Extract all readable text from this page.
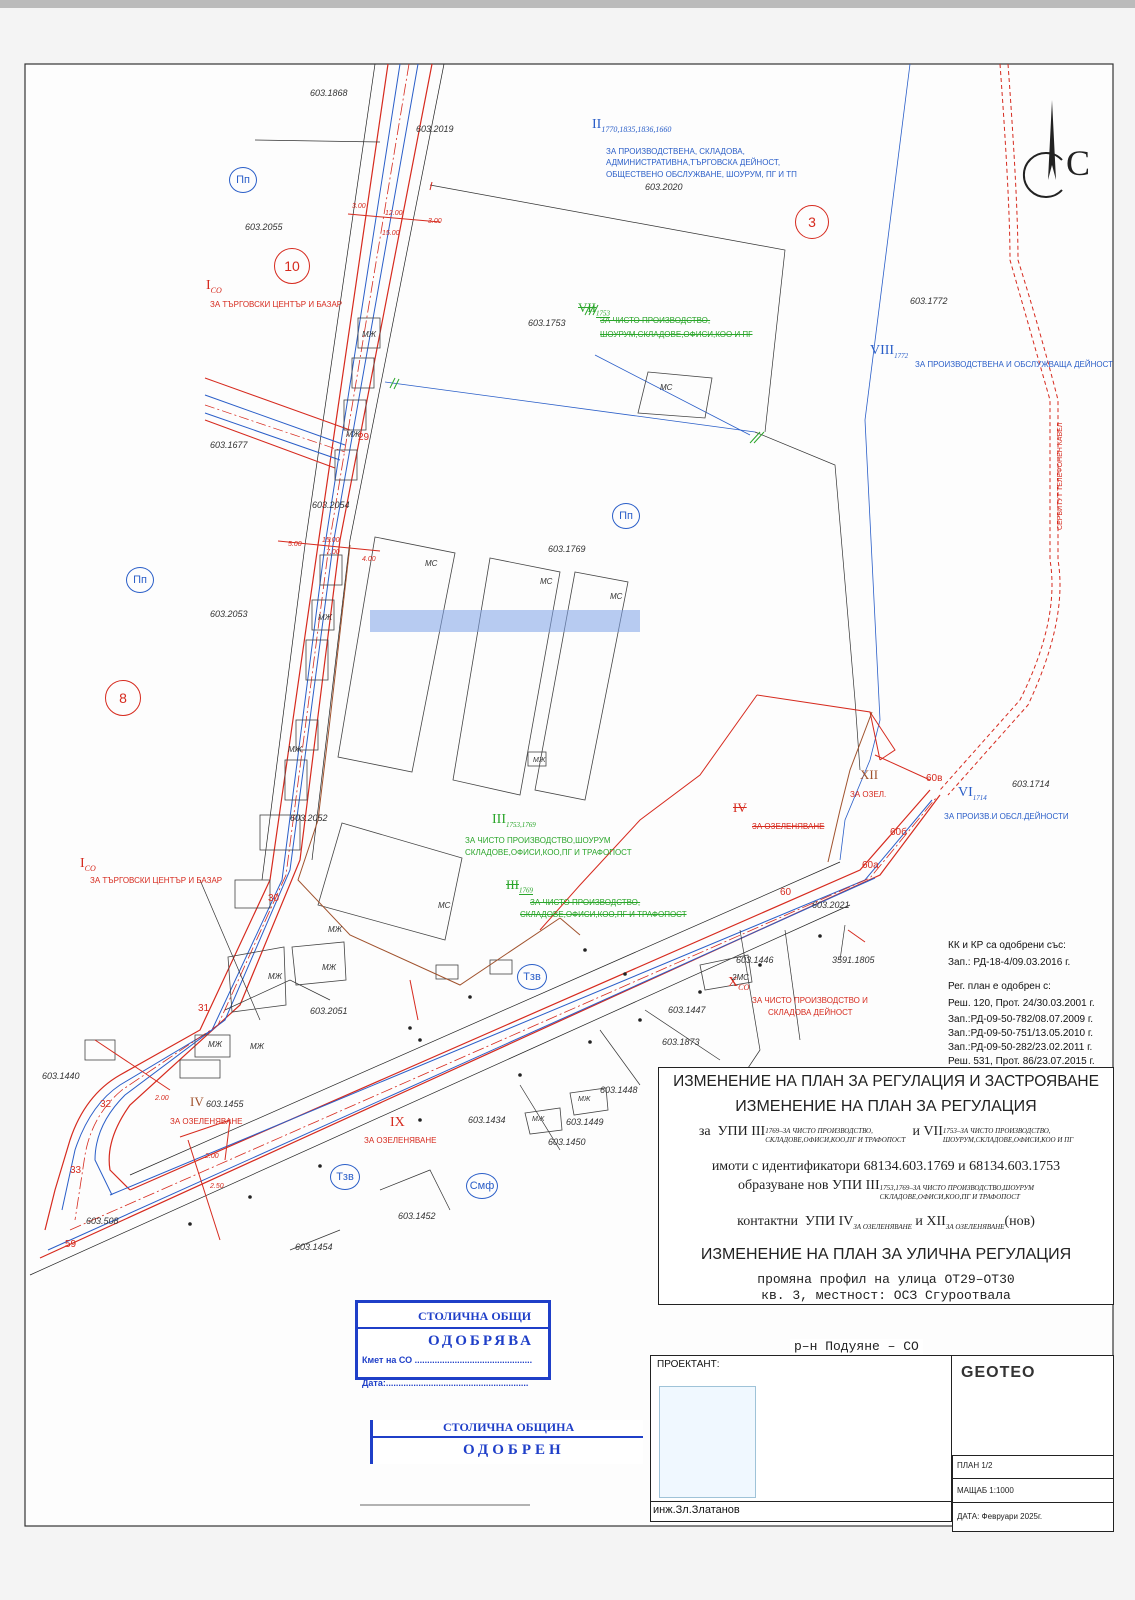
СЕРВИТУТ ТЕЛЕФОНЕН КАБЕЛ
603.1868
603.2019
603.2055
603.1753
603.1772
603.1677
603.2054
603.1769
603.2053
603.1714
603.2052
603.2021
603.1446	3591.1805
603.2051	603.1447
603.1873
603.1440
603.1455
603.1448
603.1434	603.1449
603.1450
603.508	603.1452
603.1454
10
3
8
Пп
Пп
Пп
Тзв
Тзв
Смф
$II_{1770,1835,1836,1660}$
ЗА ПРОИЗВОДСТВЕНА, СКЛАДОВА,
АДМИНИСТРАТИВНА,ТЪРГОВСКА ДЕЙНОСТ,
ОБЩЕСТВЕНО ОБСЛУЖВАНЕ, ШОУРУМ, ПГ И ТП
603.2020
$I_{СО}$
ЗА ТЪРГОВСКИ ЦЕНТЪР И БАЗАР	$VII_{1753}$
ЗА ЧИСТО ПРОИЗВОДСТВО,
ШОУРУМ,СКЛАДОВЕ,ОФИСИ,КОО И ПГ
$VIII_{1772}$
ЗА ПРОИЗВОДСТВЕНА И ОБСЛУЖВАЩА ДЕЙНОСТ
$III_{1753,1769}$
ЗА ЧИСТО ПРОИЗВОДСТВО,ШОУРУМ
СКЛАДОВЕ,ОФИСИ,КОО,ПГ И ТРАФОПОСТ
$III_{1769}$
ЗА ЧИСТО ПРОИЗВОДСТВО,
СКЛАДОВЕ,ОФИСИ,КОО,ПГ И ТРАФОПОСТ
XII
ЗА ОЗЕЛ.
IV
ЗА ОЗЕЛЕНЯВАНЕ
$VI_{1714}$
ЗА ПРОИЗВ.И ОБСЛ.ДЕЙНОСТИ
$I_{СО}$
ЗА ТЪРГОВСКИ ЦЕНТЪР И БАЗАР
$X_{СО}$
ЗА ЧИСТО ПРОИЗВОДСТВО И
СКЛАДОВА ДЕЙНОСТ
IV
ЗА ОЗЕЛЕНЯВАНЕ	IX
ЗА ОЗЕЛЕНЯВАНЕ
МС
МС
МС
МС
МС
2МС
МЖ
МЖ
МЖ
МЖ	МЖ
МЖ
МЖ
МЖ
МЖ
МЖ
МЖ
МЖ
3.00
12.00
3.00
15.00
5.00
15.00
7.00
4.00
2.00
2.50
2.00
29
30
31
32
33
59
60
60а
60б
60в
С
КК и КР са одобрени със:
Зап.: РД-18-4/09.03.2016 г.
Рег. план е одобрен с:
Реш. 120, Прот. 24/30.03.2001 г.
Зап.:РД-09-50-782/08.07.2009 г.
Зап.:РД-09-50-751/13.05.2010 г.
Зап.:РД-09-50-282/23.02.2011 г.
Реш. 531, Прот. 86/23.07.2015 г.
ИЗМЕНЕНИЕ НА ПЛАН ЗА РЕГУЛАЦИЯ И ЗАСТРОЯВАНЕ
ИЗМЕНЕНИЕ НА ПЛАН ЗА РЕГУЛАЦИЯ
за УПИ III1769–ЗА ЧИСТО ПРОИЗВОДСТВО,
СКЛАДОВЕ,ОФИСИ,КОО,ПГ И ТРАФОПОСТ  и VII1753–ЗА ЧИСТО ПРОИЗВОДСТВО,
ШОУРУМ,СКЛАДОВЕ,ОФИСИ,КОО И ПГ
имоти с идентификатори 68134.603.1769 и 68134.603.1753
образуване нов УПИ III1753,1769–ЗА ЧИСТО ПРОИЗВОДСТВО,ШОУРУМ
СКЛАДОВЕ,ОФИСИ,КОО,ПГ И ТРАФОПОСТ
контактни УПИ $IV_{ЗА ОЗЕЛЕНЯВАНЕ}$ и $XII_{ЗА ОЗЕЛЕНЯВАНЕ}(нов)$
ИЗМЕНЕНИЕ НА ПЛАН ЗА УЛИЧНА РЕГУЛАЦИЯ
промяна профил на улица ОТ29–ОТ30
кв. 3, местност: ОСЗ Сгуроотвала
р–н Подуяне – СО
ПРОЕКТАНТ:	GEOTEO
инж.Зл.Златанов
ПЛАН 1/2
МАЩАБ 1:1000
ДАТА: Февруари 2025г.
СТОЛИЧНА ОБЩИ
ОДОБРЯВА
Кмет на СО ...............................................
Дата:.........................................................
СТОЛИЧНА ОБЩИНА
ОДОБРЕН
